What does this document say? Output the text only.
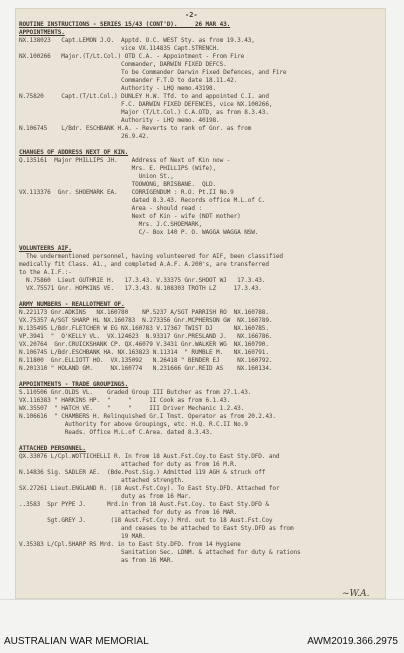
-2-
ROUTINE INSTRUCTIONS - SERIES 15/43 (CONT'D).     26 MAR 43.
APPOINTMENTS.
NX.138023   Capt.LEMON J.O.  Apptd. O.C. WEST Sty. as from 19.3.43,
vice VX.114835 Capt.STRENCH.
NX.100266   Major.(T/Lt.Col.) OTD C.A. - Appointment - From Fire
Commander, DARWIN FIXED DEFCS.
To be Commander Darwin Fixed Defences, and Fire
Commander F.T.D to date 18.11.42.
Authority - LHQ memo.43198.
N.75820     Capt.(T/Lt.Col.) DUNLEY H.W. Tfd. to and appointed C.I. and
F.C. DARWIN FIXED DEFENCES, vice NX.100266,
Major (T/Lt.Col.) C.A.OTD, as from 8.3.43.
Authority - LHQ memo. 40198.
N.106745    L/Bdr. ESCHBANK H.A. - Reverts to rank of Gnr. as from
26.9.42.
CHANGES OF ADDRESS NEXT OF KIN.
Q.135161  Major PHILLIPS JH.    Address of Next of Kin now -
Mrs. E. PHILLIPS (Wife),
Union St.,
TOOWONG, BRISBANE.  QLD.
VX.113376  Gnr. SHOEMARK EA.    CORRIGENDUM : R.O. Pt.II No.9
dated 8.3.43. Records office M.L.of C.
Area - should read :
Next of Kin - wife (NOT mother)
Mrs. J.C.SHOEMARK,
C/- Box 140 P. O. WAGGA WAGGA NSW.
VOLUNTEERS AIF.
The undermentioned personnel, having volunteered for AIF, been classified
medically fit Class. A1., and completed A.A.F. A.200's, are transferred
to the A.I.F.:-
N.75860  Lieut GUTHRIE H.   17.3.43. V.33375 Gnr.SHOOT WJ   17.3.43.
VX.75571 Gnr. HOPKINS VE.   17.3.43. N.108303 TROTH LZ     17.3.43.
ARMY NUMBERS - REALLOTMENT OF.
N.221173 Gnr.ADKINS   NX.160780    NP.5237 A/SGT PARRISH RO  NX.160788.
VX.75357 A/SGT SHARP HL NX.160783  N.273356 Gnr.MCPHERSON GW  NX.160789.
N.135495 L/Bdr.FLETCHER W EG NX.160783 V.17367 TWIST DJ      NX.160785.
VP.3941  "  O'KELLY VL.  VX.124623  N.93317 Gnr.PRESLAND J.   NX.166786.
VX.20764  Gnr.CRUICKSHANK CP. QX.46079 V.3431 Gnr.WALKER WG  NX.160790.
N.106745 L/Bdr.ESCHBANK HA. NX.163823 N.11314  " RUMBLE M.   NX.160791.
N.11800  Gnr.ELLIOTT HO.  VX.135092   N.26418 " BENDER EJ     NX.160792.
N.201310 " HOLAND GM.     NX.160774   N.231666 Gnr.REID AS    NX.160134.
APPOINTMENTS - TRADE GROUPINGS.
S.110506 Gnr.OLDS VL.    Graded Group III Butcher as from 27.1.43.
VX.116383 " HARKINS HP.  "     "     II Cook as from 6.1.43.
WX.35507  " HATCH VE.    "     "     III Driver Mechanic 1.2.43.
N.106616  " CHAMBERS H. Relinquished Gr.I Tmst. Operator as from 20.2.43.
Authority for above Groupings, etc. H.Q. R.C.II No.9
Reads. Office M.L.of C.Area. dated 8.3.43.
ATTACHED PERSONNEL.
QX.33076 L/Cpl.WOTTICHELLI R. In from 18 Aust.Fst.Coy.to East Sty.DFD. and
attached for duty as from 16 M.R.
N.14836 Sig. SADLER AE.  (Bde.Post.Sig.) Admitted 119 AGH & struck off
attached strength.
SX.27261 Lieut.ENGLAND R. (18 Aust.Fst.Coy). To East Sty.DFD. Attached for
duty as from 16 Mar.
..3583  Spr PYPE J.      Mrd.in from 18 Aust.Fst.Coy. to East Sty.DFD &
attached for duty as from 16 MAR.
Sgt.GREY J.       (18 Aust.Fst.Coy.) Mrd. out to 18 Aust.Fst.Coy
and ceases to be attached to East Sty.DFD as from
19 MAR.
V.35383 L/Cpl.SHARP RS Mrd. in to East Sty.DFD. from 14 Hygiene
Sanitation Sec. LDNM. & attached for duty & rations
as from 16 MAR.
~W.A.
AUSTRALIAN WAR MEMORIAL	AWM2019.366.2975
